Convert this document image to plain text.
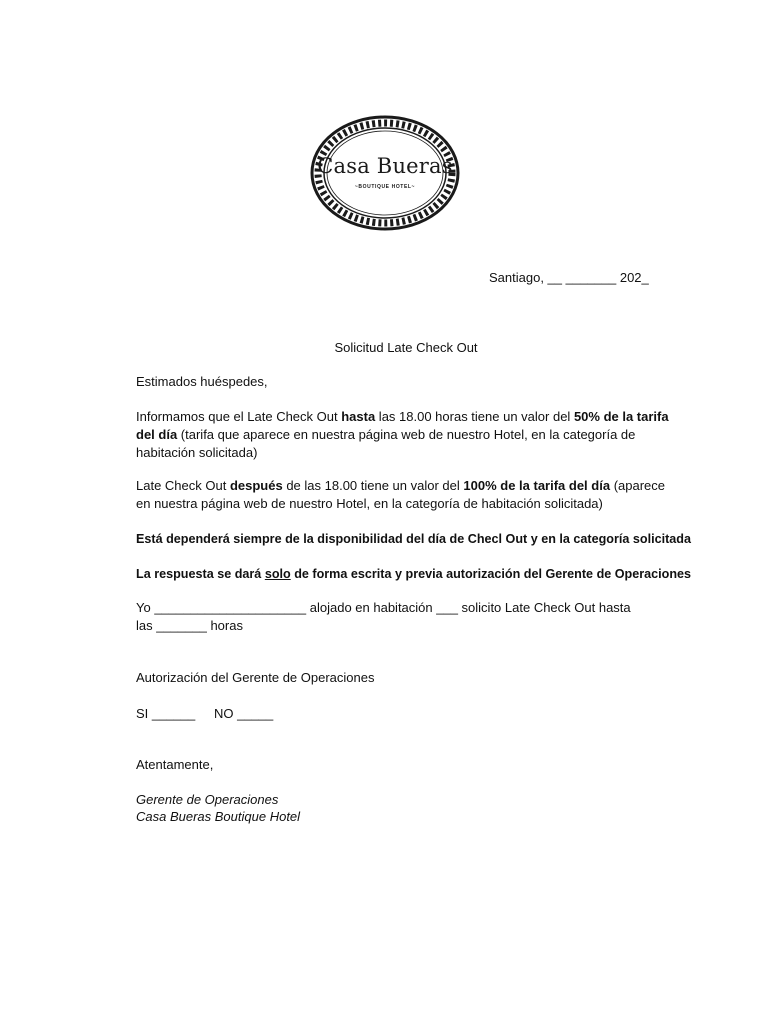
Casa Bueras
~BOUTIQUE HOTEL~
Santiago, __ _______ 202_
Solicitud Late Check Out
Estimados huéspedes,
Informamos que el Late Check Out hasta las 18.00 horas tiene un valor del 50% de la tarifa del día (tarifa que aparece en nuestra página web de nuestro Hotel, en la categoría de habitación solicitada)
Late Check Out después de las 18.00 tiene un valor del 100% de la tarifa del día (aparece en nuestra página web de nuestro Hotel, en la categoría de habitación solicitada)
Está dependerá siempre de la disponibilidad del día de Checl Out y en la categoría solicitada
La respuesta se dará solo de forma escrita y previa autorización del Gerente de Operaciones
Yo _____________________ alojado en habitación ___ solicito Late Check Out hasta las _______ horas
Autorización del Gerente de Operaciones
SI ______	NO _____
Atentamente,
Gerente de Operaciones
Casa Bueras Boutique Hotel
